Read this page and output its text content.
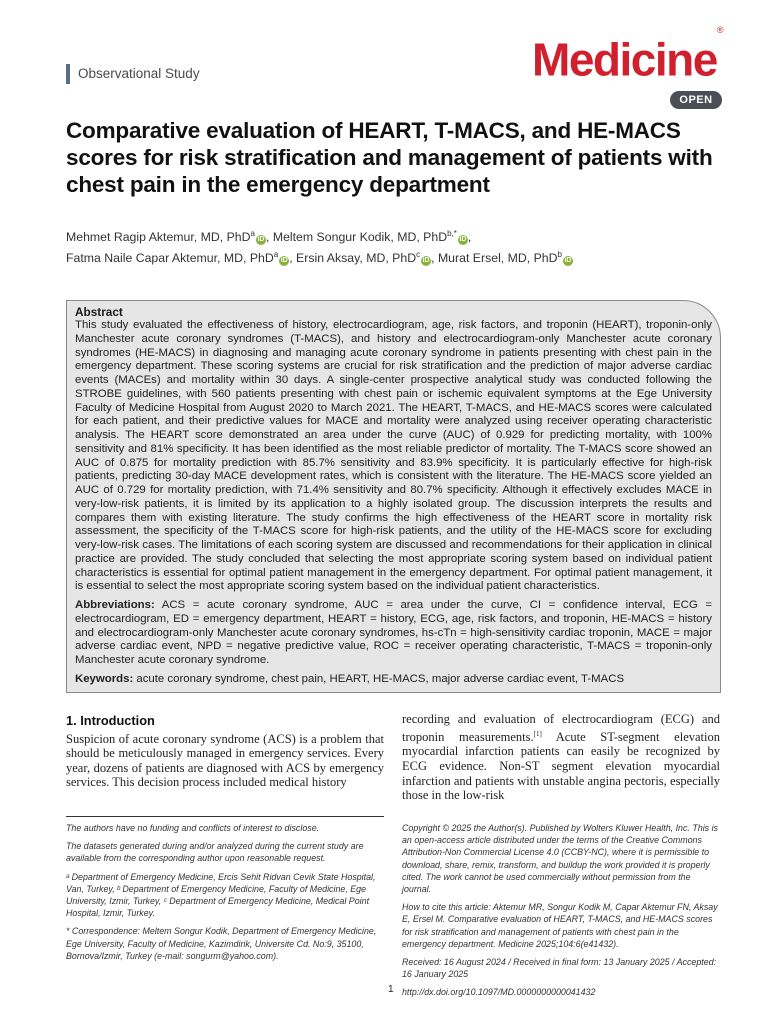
Observational Study	Medicine®
OPEN
Comparative evaluation of HEART, T-MACS, and HE-MACS scores for risk stratification and management of patients with chest pain in the emergency department
Mehmet Ragip Aktemur, MD, PhD$^a$iD , Meltem Songur Kodik, MD, PhD$^{b,*}$iD ,
Fatma Naile Capar Aktemur, MD, PhD$^a$iD , Ersin Aksay, MD, PhD$^c$iD , Murat Ersel, MD, PhD$^b$iD
Abstract
This study evaluated the effectiveness of history, electrocardiogram, age, risk factors, and troponin (HEART), troponin-only Manchester acute coronary syndromes (T-MACS), and history and electrocardiogram-only Manchester acute coronary syndromes (HE-MACS) in diagnosing and managing acute coronary syndrome in patients presenting with chest pain in the emergency department. These scoring systems are crucial for risk stratification and the prediction of major adverse cardiac events (MACEs) and mortality within 30 days. A single-center prospective analytical study was conducted following the STROBE guidelines, with 560 patients presenting with chest pain or ischemic equivalent symptoms at the Ege University Faculty of Medicine Hospital from August 2020 to March 2021. The HEART, T-MACS, and HE-MACS scores were calculated for each patient, and their predictive values for MACE and mortality were analyzed using receiver operating characteristic analysis. The HEART score demonstrated an area under the curve (AUC) of 0.929 for predicting mortality, with 100% sensitivity and 81% specificity. It has been identified as the most reliable predictor of mortality. The T-MACS score showed an AUC of 0.875 for mortality prediction with 85.7% sensitivity and 83.9% specificity. It is particularly effective for high-risk patients, predicting 30-day MACE development rates, which is consistent with the literature. The HE-MACS score yielded an AUC of 0.729 for mortality prediction, with 71.4% sensitivity and 80.7% specificity. Although it effectively excludes MACE in very-low-risk patients, it is limited by its application to a highly isolated group. The discussion interprets the results and compares them with existing literature. The study confirms the high effectiveness of the HEART score in mortality risk assessment, the specificity of the T-MACS score for high-risk patients, and the utility of the HE-MACS score for excluding very-low-risk cases. The limitations of each scoring system are discussed and recommendations for their application in clinical practice are provided. The study concluded that selecting the most appropriate scoring system based on individual patient characteristics is essential for optimal patient management in the emergency department. For optimal patient management, it is essential to select the most appropriate scoring system based on the individual patient characteristics.
Abbreviations: ACS = acute coronary syndrome, AUC = area under the curve, CI = confidence interval, ECG = electrocardiogram, ED = emergency department, HEART = history, ECG, age, risk factors, and troponin, HE-MACS = history and electrocardiogram-only Manchester acute coronary syndromes, hs-cTn = high-sensitivity cardiac troponin, MACE = major adverse cardiac event, NPD = negative predictive value, ROC = receiver operating characteristic, T-MACS = troponin-only Manchester acute coronary syndrome.
Keywords: acute coronary syndrome, chest pain, HEART, HE-MACS, major adverse cardiac event, T-MACS
1. Introduction
Suspicion of acute coronary syndrome (ACS) is a problem that should be meticulously managed in emergency services. Every year, dozens of patients are diagnosed with ACS by emergency services. This decision process included medical history
recording and evaluation of electrocardiogram (ECG) and troponin measurements.[1] Acute ST-segment elevation myocardial infarction patients can easily be recognized by ECG evidence. Non-ST segment elevation myocardial infarction and patients with unstable angina pectoris, especially those in the low-risk

The authors have no funding and conflicts of interest to disclose.

The datasets generated during and/or analyzed during the current study are available from the corresponding author upon reasonable request.

ᵃ Department of Emergency Medicine, Ercis Sehit Ridvan Cevik State Hospital, Van, Turkey, ᵇ Department of Emergency Medicine, Faculty of Medicine, Ege University, Izmir, Turkey, ᶜ Department of Emergency Medicine, Medical Point Hospital, Izmir, Turkey.

* Correspondence: Meltem Songur Kodik, Department of Emergency Medicine, Ege University, Faculty of Medicine, Kazimdirik, Universite Cd. No:9, 35100, Bornova/Izmir, Turkey (e-mail: songurm@yahoo.com).

Copyright © 2025 the Author(s). Published by Wolters Kluwer Health, Inc. This is an open-access article distributed under the terms of the Creative Commons Attribution-Non Commercial License 4.0 (CCBY-NC), where it is permissible to download, share, remix, transform, and buildup the work provided it is properly cited. The work cannot be used commercially without permission from the journal.

How to cite this article: Aktemur MR, Songur Kodik M, Capar Aktemur FN, Aksay E, Ersel M. Comparative evaluation of HEART, T-MACS, and HE-MACS scores for risk stratification and management of patients with chest pain in the emergency department. Medicine 2025;104:6(e41432).

Received: 16 August 2024 / Received in final form: 13 January 2025 / Accepted: 16 January 2025

http://dx.doi.org/10.1097/MD.0000000000041432

1
